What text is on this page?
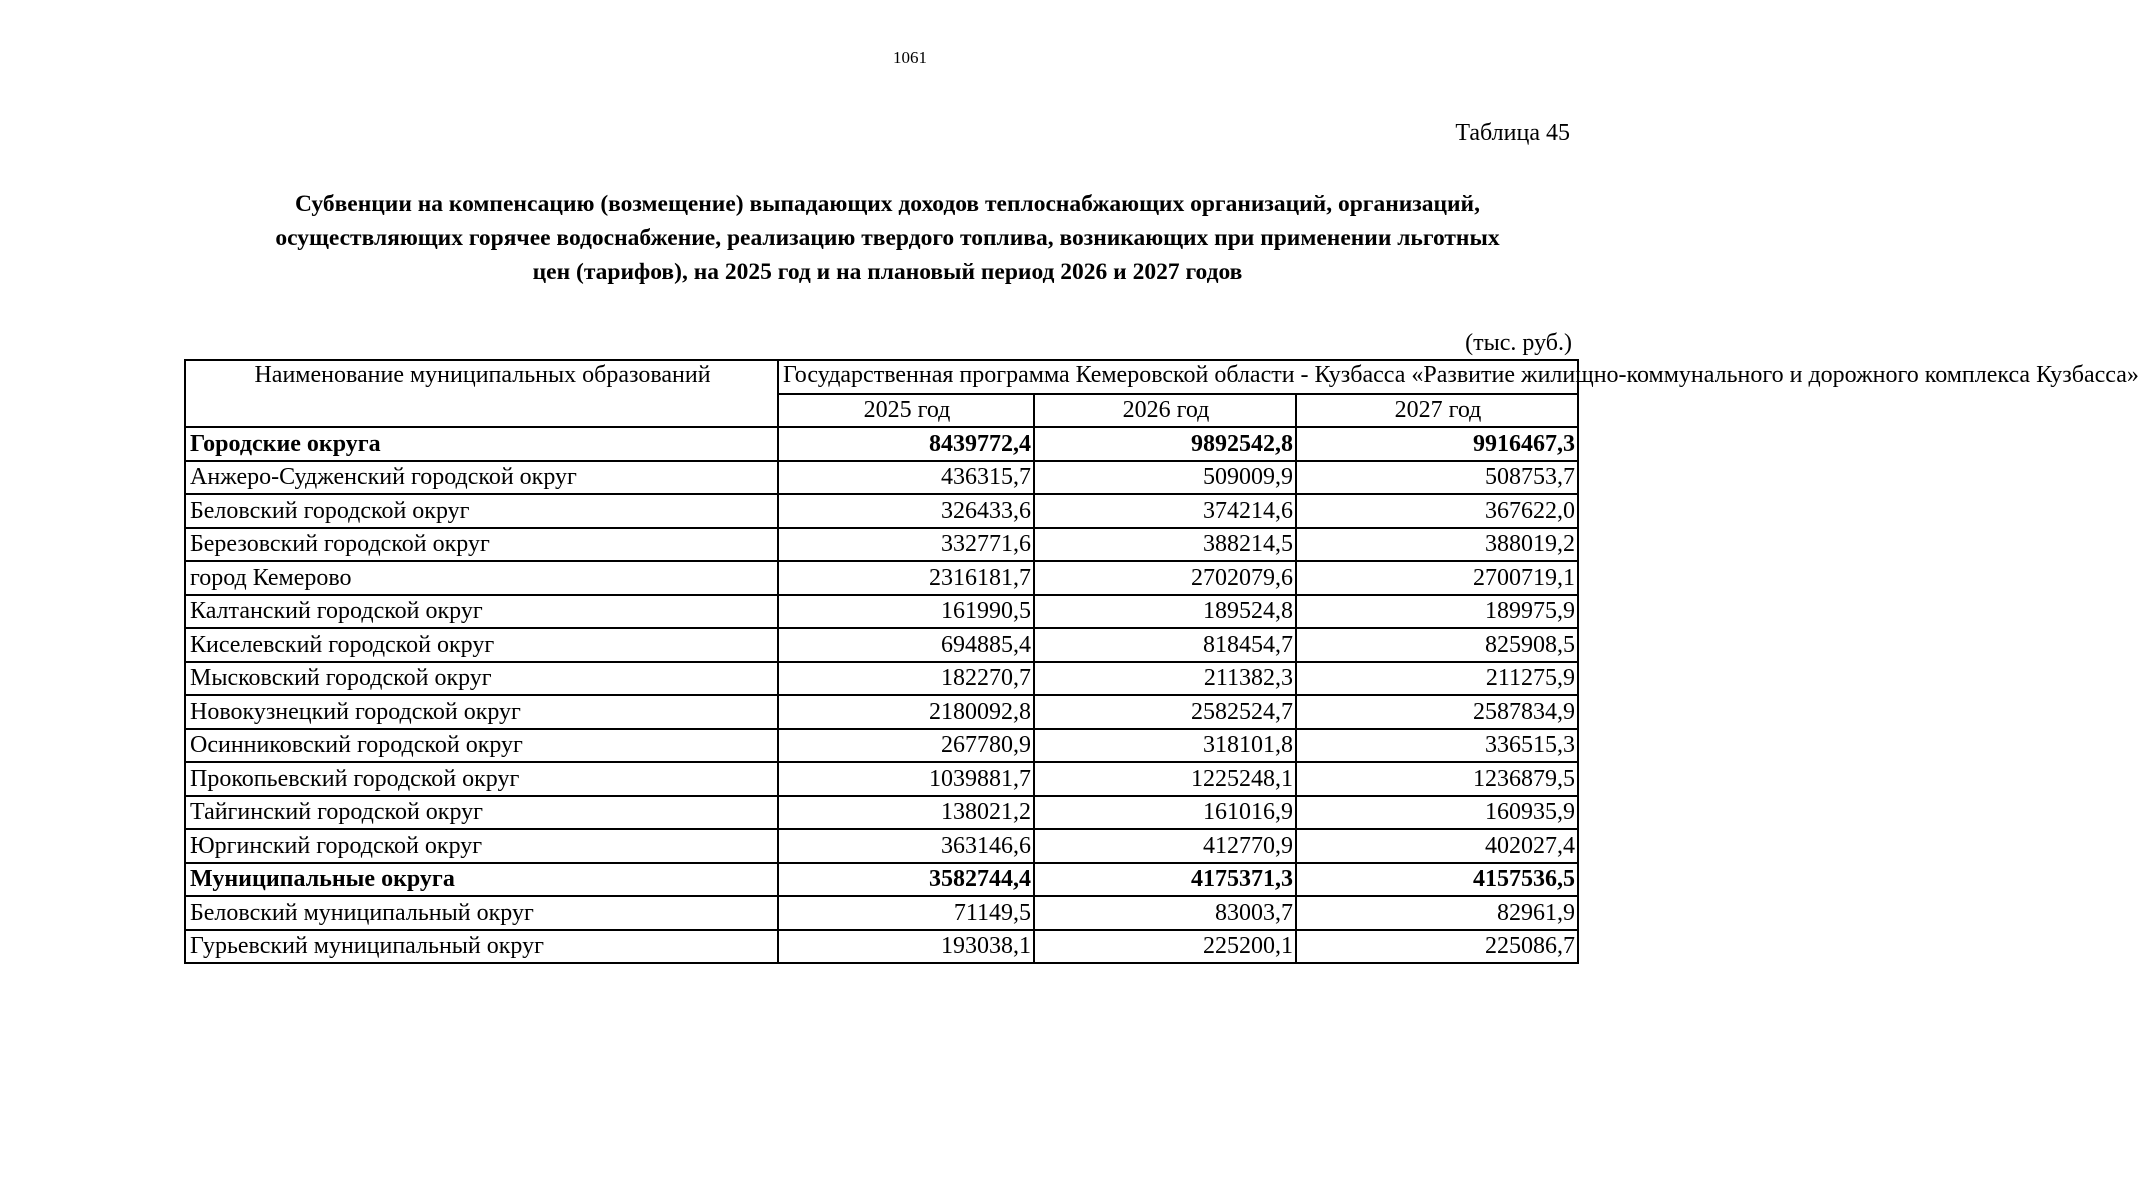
1061
Таблица 45
Субвенции на компенсацию (возмещение) выпадающих доходов теплоснабжающих организаций, организаций,
осуществляющих горячее водоснабжение, реализацию твердого топлива, возникающих при применении льготных
цен (тарифов), на 2025 год и на плановый период 2026 и 2027 годов
(тыс. руб.)
Наименование муниципальных образований	Государственная программа Кемеровской области - Кузбасса «Развитие жилищно-коммунального и дорожного комплекса Кузбасса»		
	2025 год	2026 год	2027 год
Городские округа	8439772,4	9892542,8	9916467,3
Анжеро-Судженский городской округ	436315,7	509009,9	508753,7
Беловский городской округ	326433,6	374214,6	367622,0
Березовский городской округ	332771,6	388214,5	388019,2
город Кемерово	2316181,7	2702079,6	2700719,1
Калтанский городской округ	161990,5	189524,8	189975,9
Киселевский городской округ	694885,4	818454,7	825908,5
Мысковский городской округ	182270,7	211382,3	211275,9
Новокузнецкий городской округ	2180092,8	2582524,7	2587834,9
Осинниковский городской округ	267780,9	318101,8	336515,3
Прокопьевский городской округ	1039881,7	1225248,1	1236879,5
Тайгинский городской округ	138021,2	161016,9	160935,9
Юргинский городской округ	363146,6	412770,9	402027,4
Муниципальные округа	3582744,4	4175371,3	4157536,5
Беловский муниципальный округ	71149,5	83003,7	82961,9
Гурьевский муниципальный округ	193038,1	225200,1	225086,7
